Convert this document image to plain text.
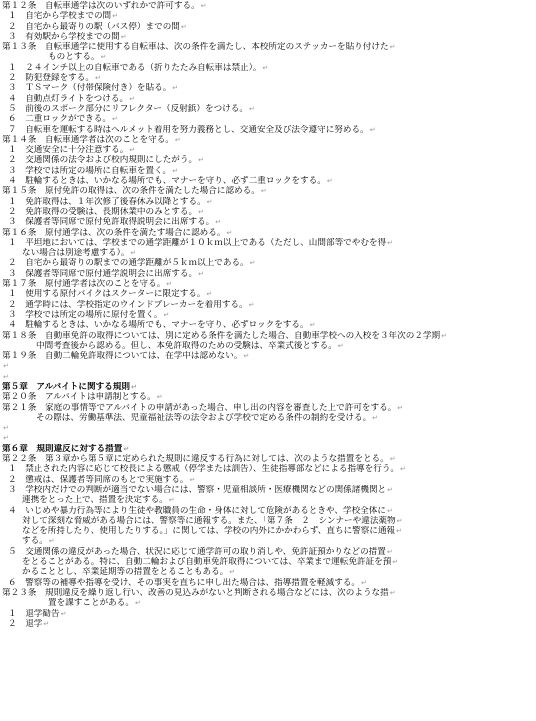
第１２条　自転車通学は次のいずれかで許可する。↵
１　自宅から学校までの間↵
２　自宅から最寄りの駅（バス停）までの間↵
３　有効駅から学校までの間↵
第１３条　自転車通学に使用する自転車は、次の条件を満たし、本校所定のステッカーを貼り付けた↵
ものとする。↵
１　２４インチ以上の自転車である（折りたたみ自転車は禁止）。↵
２　防犯登録をする。↵
３　ＴＳマーク（付帯保険付き）を貼る。↵
４　自動点灯ライトをつける。↵
５　前後のスポーク部分にリフレクター（反射鋲）をつける。↵
６　二重ロックができる。↵
７　自転車を運転する時はヘルメット着用を努力義務とし、交通安全及び法令遵守に努める。↵
第１４条　自転車通学者は次のことを守る。↵
１　交通安全に十分注意する。↵
２　交通関係の法令および校内規則にしたがう。↵
３　学校では所定の場所に自転車を置く。↵
４　駐輪するときは、いかなる場所でも、マナーを守り、必ず二重ロックをする。↵
第１５条　原付免許の取得は、次の条件を満たした場合に認める。↵
１　免許取得は、１年次修了後春休み以降とする。↵
２　免許取得の受験は、長期休業中のみとする。↵
３　保護者等同席で原付免許取得説明会に出席する。↵
第１６条　原付通学は、次の条件を満たす場合に認める。↵
１　平坦地においては、学校までの通学距離が１０ｋｍ以上である（ただし、山間部等でやむを得↵
ない場合は別途考慮する）。↵
２　自宅から最寄りの駅までの通学距離が５ｋｍ以上である。↵
３　保護者等同席で原付通学説明会に出席する。↵
第１７条　原付通学者は次のことを守る。↵
１　使用する原付バイクはスクーターに限定する。↵
２　通学時には、学校指定のウインドブレーカーを着用する。↵
３　学校では所定の場所に原付を置く。↵
４　駐輪するときは、いかなる場所でも、マナーを守り、必ずロックをする。↵
第１８条　自動車免許の取得については、別に定める条件を満たした場合、自動車学校への入校を３年次の２学期↵
中間考査後から認める。但し、本免許取得のための受験は、卒業式後とする。↵
第１９条　自動二輪免許取得については、在学中は認めない。↵
↵
↵
第５章　アルバイトに関する規則↵
第２０条　アルバイトは申請制とする。↵
第２１条　家庭の事情等でアルバイトの申請があった場合、申し出の内容を審査した上で許可をする。↵
その際は、労働基準法、児童福祉法等の法令および学校で定める条件の制約を受ける。↵
↵
↵
第６章　規則違反に対する措置↵
第２２条　第３章から第５章に定められた規則に違反する行為に対しては、次のような措置をとる。↵
１　禁止された内容に応じて校長による懲戒（停学または訓告）、生徒指導部などによる指導を行う。↵
２　懲戒は、保護者等同席のもとで実施する。↵
３　学校内だけでの判断が適当でない場合には、警察・児童相談所・医療機関などの関係諸機関と↵
連携をとった上で、措置を決定する。↵
４　いじめや暴力行為等により生徒や教職員の生命・身体に対して危険があるときや、学校全体に↵
対して深刻な脅威がある場合には、警察等に通報する。また、「第７条　２　シンナーや違法薬物↵
などを所持したり、使用したりする。」に関しては、学校の内外にかかわらず、直ちに警察に通報↵
する。↵
５　交通関係の違反があった場合、状況に応じて通学許可の取り消しや、免許証預かりなどの措置↵
をとることがある。特に、自動二輪および自動車免許取得については、卒業まで運転免許証を預↵
かることとし、卒業延期等の措置をとることもある。↵
６　警察等の補導や指導を受け、その事実を直ちに申し出た場合は、指導措置を軽減する。↵
第２３条　規則違反を繰り返し行い、改善の見込みがないと判断される場合などには、次のような措↵
置を課すことがある。↵
１　退学勧告↵
２　退学↵
